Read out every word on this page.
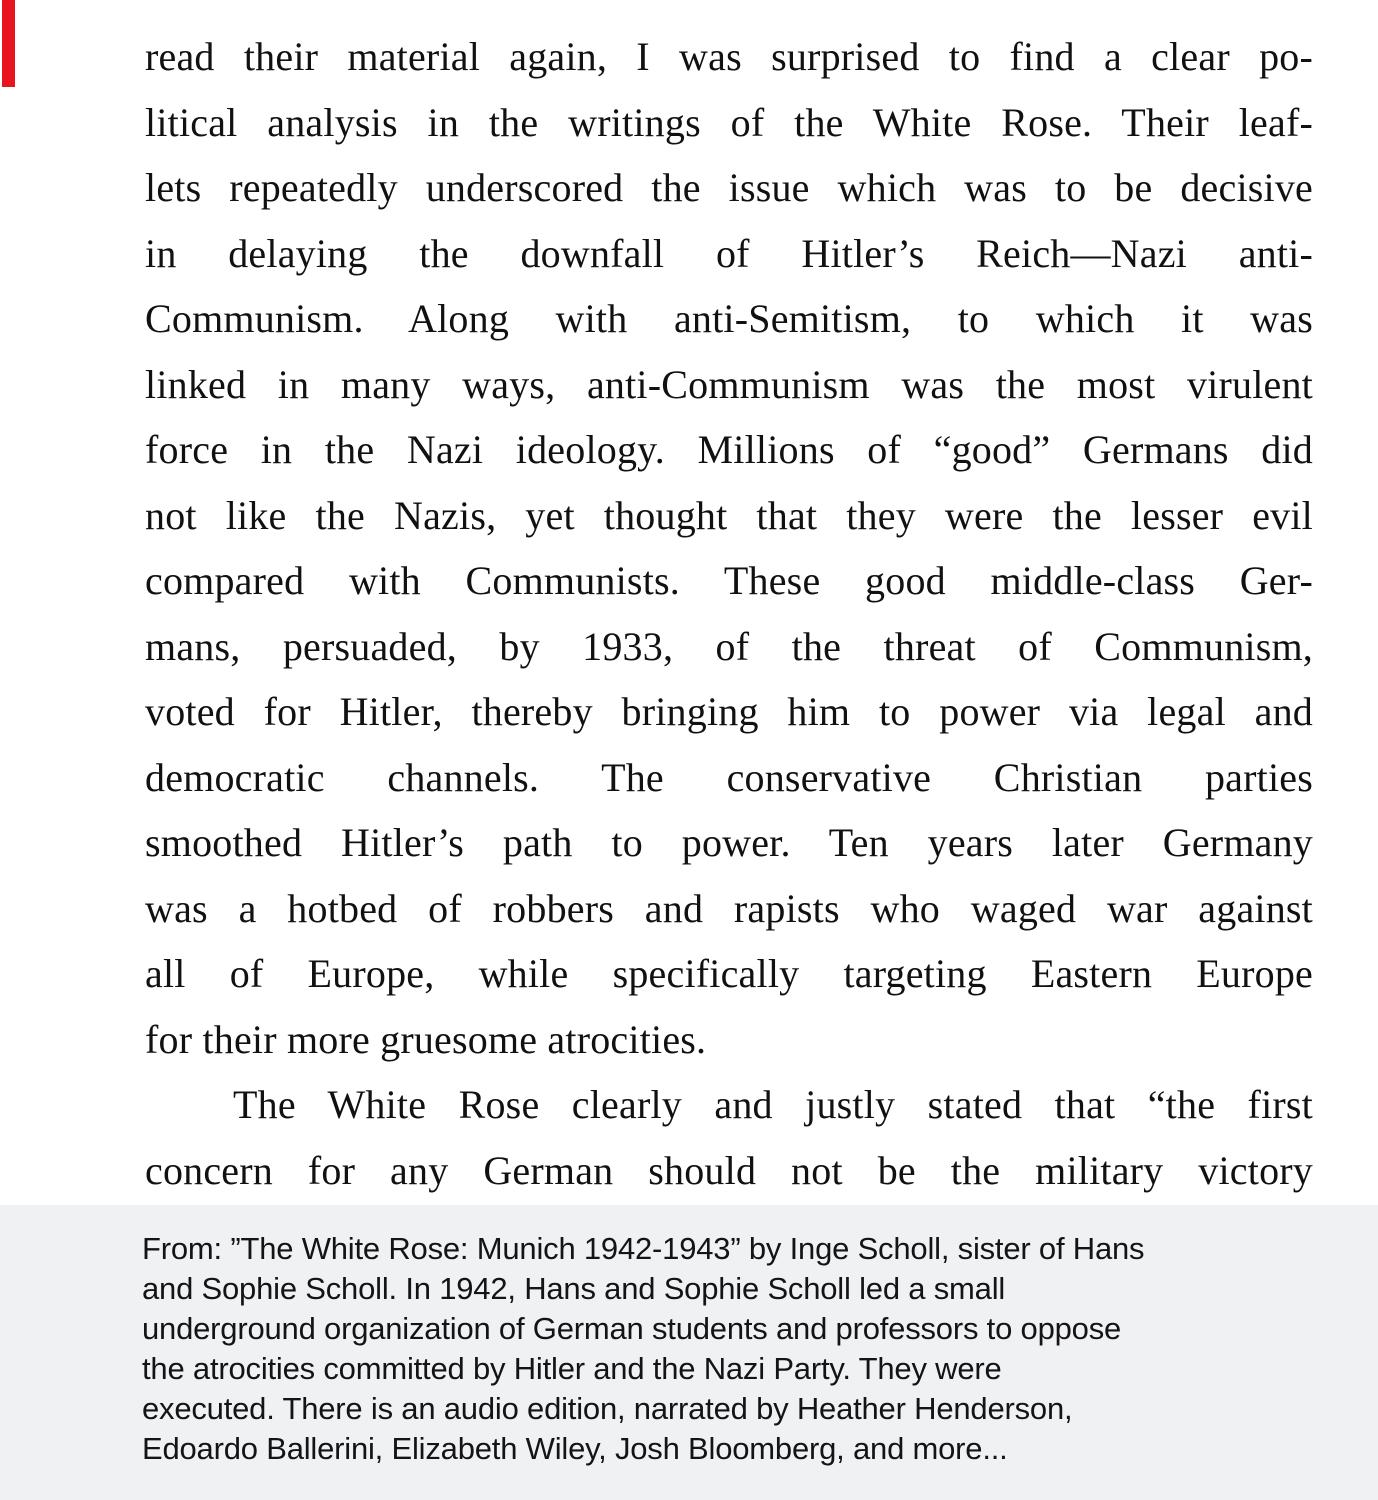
read their material again, I was surprised to find a clear po-
litical analysis in the writings of the White Rose. Their leaf-
lets repeatedly underscored the issue which was to be decisive
in delaying the downfall of Hitler’s Reich—Nazi anti-
Communism. Along with anti-Semitism, to which it was
linked in many ways, anti-Communism was the most virulent
force in the Nazi ideology. Millions of “good” Germans did
not like the Nazis, yet thought that they were the lesser evil
compared with Communists. These good middle-class Ger-
mans, persuaded, by 1933, of the threat of Communism,
voted for Hitler, thereby bringing him to power via legal and
democratic channels. The conservative Christian parties
smoothed Hitler’s path to power. Ten years later Germany
was a hotbed of robbers and rapists who waged war against
all of Europe, while specifically targeting Eastern Europe
for their more gruesome atrocities.
The White Rose clearly and justly stated that “the first
concern for any German should not be the military victory
From: ”The White Rose: Munich 1942-1943” by Inge Scholl, sister of Hans
and Sophie Scholl. In 1942, Hans and Sophie Scholl led a small
underground organization of German students and professors to oppose
the atrocities committed by Hitler and the Nazi Party. They were
executed. There is an audio edition, narrated by Heather Henderson,
Edoardo Ballerini, Elizabeth Wiley, Josh Bloomberg, and more...
